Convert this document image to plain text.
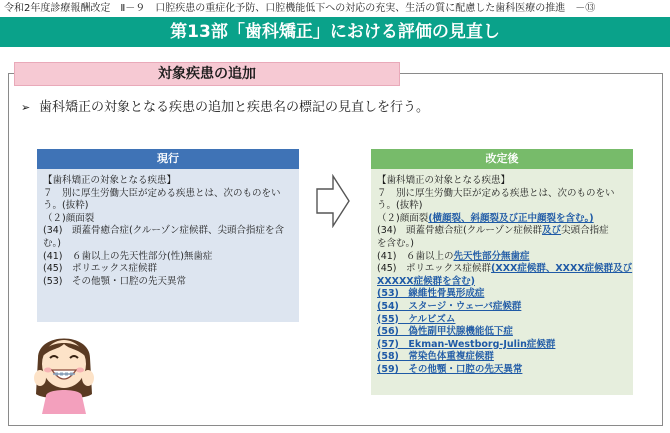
令和2年度診療報酬改定　Ⅱ－９　口腔疾患の重症化予防、口腔機能低下への対応の充実、生活の質に配慮した歯科医療の推進　－⑬
第13部「歯科矯正」における評価の見直し
対象疾患の追加
➢ 歯科矯正の対象となる疾患の追加と疾患名の標記の見直しを行う。
現行
【歯科矯正の対象となる疾患】
７　別に厚生労働大臣が定める疾患とは、次のものをい
う。(抜粋)
（２)顔面裂
(34)　頭蓋骨癒合症(クルーゾン症候群、尖頭合指症を含
む。)
(41)　６歯以上の先天性部分(性)無歯症
(45)　ポリエックス症候群
(53)　その他顎・口腔の先天異常
改定後
【歯科矯正の対象となる疾患】
７　別に厚生労働大臣が定める疾患とは、次のものをい
う。(抜粋)
（２)顔面裂(横顔裂、斜顔裂及び正中顔裂を含む。)
(34)　頭蓋骨癒合症(クルーゾン症候群及び尖頭合指症
を含む。)
(41)　６歯以上の先天性部分無歯症
(45)　ポリエックス症候群(XXX症候群、XXXX症候群及び
XXXXX症候群を含む)
(53)　線維性骨異形成症
(54)　スタージ・ウェーバ症候群
(55)　ケルビズム
(56)　偽性副甲状腺機能低下症
(57)　Ekman-Westborg-Julin症候群
(58)　常染色体重複症候群
(59)　その他顎・口腔の先天異常
